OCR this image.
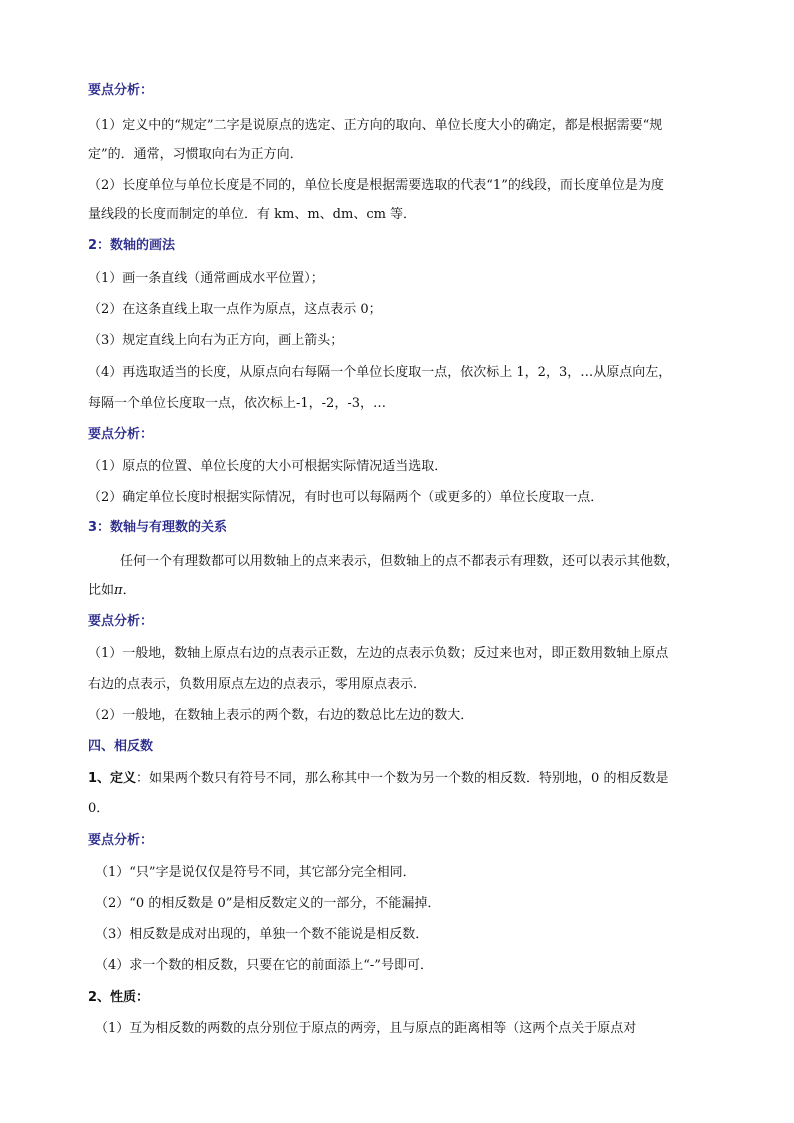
要点分析：
（1）定义中的“规定”二字是说原点的选定、正方向的取向、单位长度大小的确定，都是根据需要“规
定”的．通常，习惯取向右为正方向．
（2）长度单位与单位长度是不同的，单位长度是根据需要选取的代表“1”的线段，而长度单位是为度
量线段的长度而制定的单位．有 km、m、dm、cm 等．
2：数轴的画法
（1）画一条直线（通常画成水平位置）；
（2）在这条直线上取一点作为原点，这点表示 0；
（3）规定直线上向右为正方向，画上箭头；
（4）再选取适当的长度，从原点向右每隔一个单位长度取一点，依次标上 1，2，3，…从原点向左，
每隔一个单位长度取一点，依次标上-1，-2，-3，…
要点分析：
（1）原点的位置、单位长度的大小可根据实际情况适当选取．
（2）确定单位长度时根据实际情况，有时也可以每隔两个（或更多的）单位长度取一点．
3：数轴与有理数的关系
任何一个有理数都可以用数轴上的点来表示，但数轴上的点不都表示有理数，还可以表示其他数，
比如π．
要点分析：
（1）一般地，数轴上原点右边的点表示正数，左边的点表示负数；反过来也对，即正数用数轴上原点
右边的点表示，负数用原点左边的点表示，零用原点表示．
（2）一般地，在数轴上表示的两个数，右边的数总比左边的数大．
四、相反数
1、定义：如果两个数只有符号不同，那么称其中一个数为另一个数的相反数．特别地，0 的相反数是
0．
要点分析：
（1）“只”字是说仅仅是符号不同，其它部分完全相同．
（2）“0 的相反数是 0”是相反数定义的一部分，不能漏掉．
（3）相反数是成对出现的，单独一个数不能说是相反数．
（4）求一个数的相反数，只要在它的前面添上“-”号即可．
2、性质：
（1）互为相反数的两数的点分别位于原点的两旁，且与原点的距离相等（这两个点关于原点对
